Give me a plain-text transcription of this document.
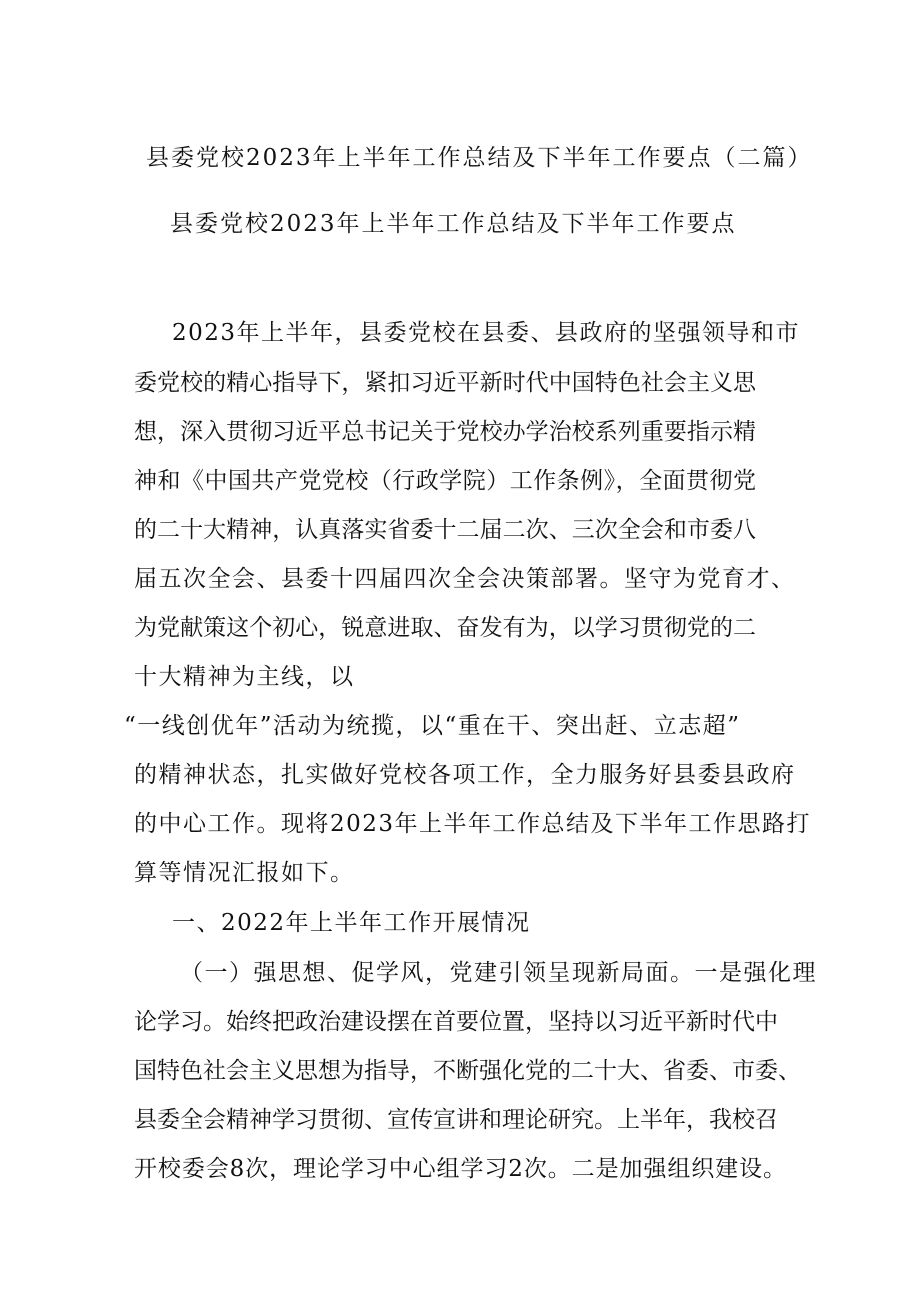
县委党校2023年上半年工作总结及下半年工作要点（二篇）
县委党校2023年上半年工作总结及下半年工作要点
2023年上半年，县委党校在县委、县政府的坚强领导和市
委党校的精心指导下，紧扣习近平新时代中国特色社会主义思
想，深入贯彻习近平总书记关于党校办学治校系列重要指示精
神和《中国共产党党校（行政学院）工作条例》，全面贯彻党
的二十大精神，认真落实省委十二届二次、三次全会和市委八
届五次全会、县委十四届四次全会决策部署。坚守为党育才、
为党献策这个初心，锐意进取、奋发有为，以学习贯彻党的二
十大精神为主线，以
“一线创优年”活动为统揽，以“重在干、突出赶、立志超”
的精神状态，扎实做好党校各项工作，全力服务好县委县政府
的中心工作。现将2023年上半年工作总结及下半年工作思路打
算等情况汇报如下。
一、2022年上半年工作开展情况
（一）强思想、促学风，党建引领呈现新局面。一是强化理
论学习。始终把政治建设摆在首要位置，坚持以习近平新时代中
国特色社会主义思想为指导，不断强化党的二十大、省委、市委、
县委全会精神学习贯彻、宣传宣讲和理论研究。上半年，我校召
开校委会8次，理论学习中心组学习2次。二是加强组织建设。
